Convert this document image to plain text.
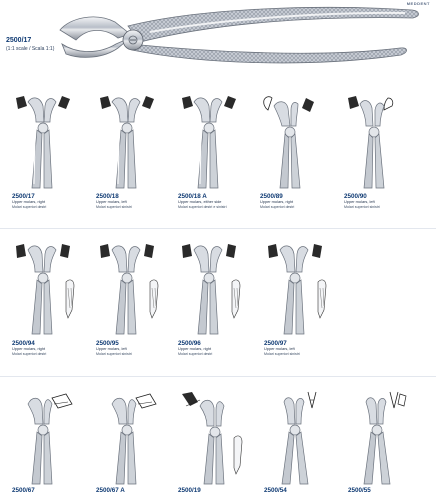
MEDDENT
2500/17
(1:1 scale / Scala 1:1)
2500/17
Upper molars, right
Molari superiori destri
2500/18
Upper molars, left
Molari superiori sinistri
2500/18 A
Upper molars, either side
Molari superiori destri e sinistri
2500/89
Upper molars, right
Molari superiori destri
2500/90
Upper molars, left
Molari superiori sinistri
2500/94
Upper molars, right
Molari superiori destri
2500/95
Upper molars, left
Molari superiori sinistri
2500/96
Upper molars, right
Molari superiori destri
2500/97
Upper molars, left
Molari superiori sinistri
2500/67	2500/67 A	2500/19	2500/54	2500/55
